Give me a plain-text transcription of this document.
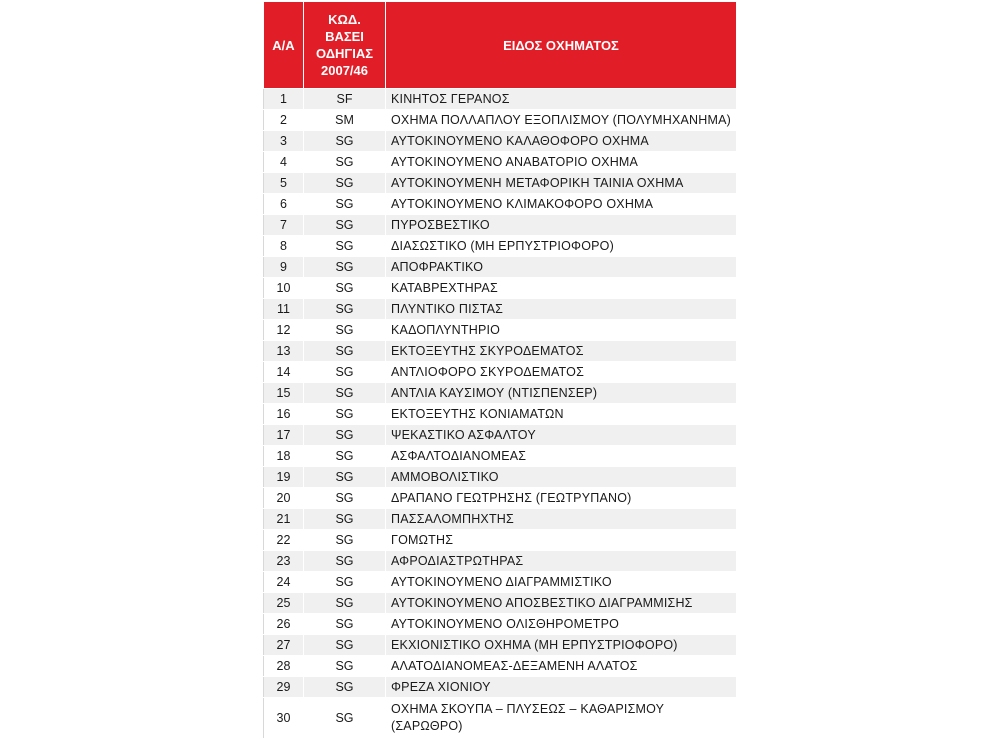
Α/Α	ΚΩΔ.
ΒΑΣΕΙ
ΟΔΗΓΙΑΣ
2007/46	ΕΙΔΟΣ ΟΧΗΜΑΤΟΣ
1	SF	ΚΙΝΗΤΟΣ ΓΕΡΑΝΟΣ
2	SM	ΟΧΗΜΑ ΠΟΛΛΑΠΛΟΥ ΕΞΟΠΛΙΣΜΟΥ (ΠΟΛΥΜΗΧΑΝΗΜΑ)
3	SG	ΑΥΤΟΚΙΝΟΥΜΕΝΟ ΚΑΛΑΘΟΦΟΡΟ ΟΧΗΜΑ
4	SG	ΑΥΤΟΚΙΝΟΥΜΕΝΟ ΑΝΑΒΑΤΟΡΙΟ ΟΧΗΜΑ
5	SG	ΑΥΤΟΚΙΝΟΥΜΕΝΗ ΜΕΤΑΦΟΡΙΚΗ ΤΑΙΝΙΑ ΟΧΗΜΑ
6	SG	ΑΥΤΟΚΙΝΟΥΜΕΝΟ ΚΛΙΜΑΚΟΦΟΡΟ ΟΧΗΜΑ
7	SG	ΠΥΡΟΣΒΕΣΤΙΚΟ
8	SG	ΔΙΑΣΩΣΤΙΚΟ (ΜΗ ΕΡΠΥΣΤΡΙΟΦΟΡΟ)
9	SG	ΑΠΟΦΡΑΚΤΙΚΟ
10	SG	ΚΑΤΑΒΡΕΧΤΗΡΑΣ
11	SG	ΠΛΥΝΤΙΚΟ ΠΙΣΤΑΣ
12	SG	ΚΑΔΟΠΛΥΝΤΗΡΙΟ
13	SG	ΕΚΤΟΞΕΥΤΗΣ ΣΚΥΡΟΔΕΜΑΤΟΣ
14	SG	ΑΝΤΛΙΟΦΟΡΟ ΣΚΥΡΟΔΕΜΑΤΟΣ
15	SG	ΑΝΤΛΙΑ ΚΑΥΣΙΜΟΥ (ΝΤΙΣΠΕΝΣΕΡ)
16	SG	ΕΚΤΟΞΕΥΤΗΣ ΚΟΝΙΑΜΑΤΩΝ
17	SG	ΨΕΚΑΣΤΙΚΟ ΑΣΦΑΛΤΟΥ
18	SG	ΑΣΦΑΛΤΟΔΙΑΝΟΜΕΑΣ
19	SG	ΑΜΜΟΒΟΛΙΣΤΙΚΟ
20	SG	ΔΡΑΠΑΝΟ ΓΕΩΤΡΗΣΗΣ (ΓΕΩΤΡΥΠΑΝΟ)
21	SG	ΠΑΣΣΑΛΟΜΠΗΧΤΗΣ
22	SG	ΓΟΜΩΤΗΣ
23	SG	ΑΦΡΟΔΙΑΣΤΡΩΤΗΡΑΣ
24	SG	ΑΥΤΟΚΙΝΟΥΜΕΝΟ ΔΙΑΓΡΑΜΜΙΣΤΙΚΟ
25	SG	ΑΥΤΟΚΙΝΟΥΜΕΝΟ ΑΠΟΣΒΕΣΤΙΚΟ ΔΙΑΓΡΑΜΜΙΣΗΣ
26	SG	ΑΥΤΟΚΙΝΟΥΜΕΝΟ ΟΛΙΣΘΗΡΟΜΕΤΡΟ
27	SG	ΕΚΧΙΟΝΙΣΤΙΚΟ ΟΧΗΜΑ (ΜΗ ΕΡΠΥΣΤΡΙΟΦΟΡΟ)
28	SG	ΑΛΑΤΟΔΙΑΝΟΜΕΑΣ-ΔΕΞΑΜΕΝΗ ΑΛΑΤΟΣ
29	SG	ΦΡΕΖΑ ΧΙΟΝΙΟΥ
30	SG	ΟΧΗΜΑ ΣΚΟΥΠΑ – ΠΛΥΣΕΩΣ – ΚΑΘΑΡΙΣΜΟΥ (ΣΑΡΩΘΡΟ)
